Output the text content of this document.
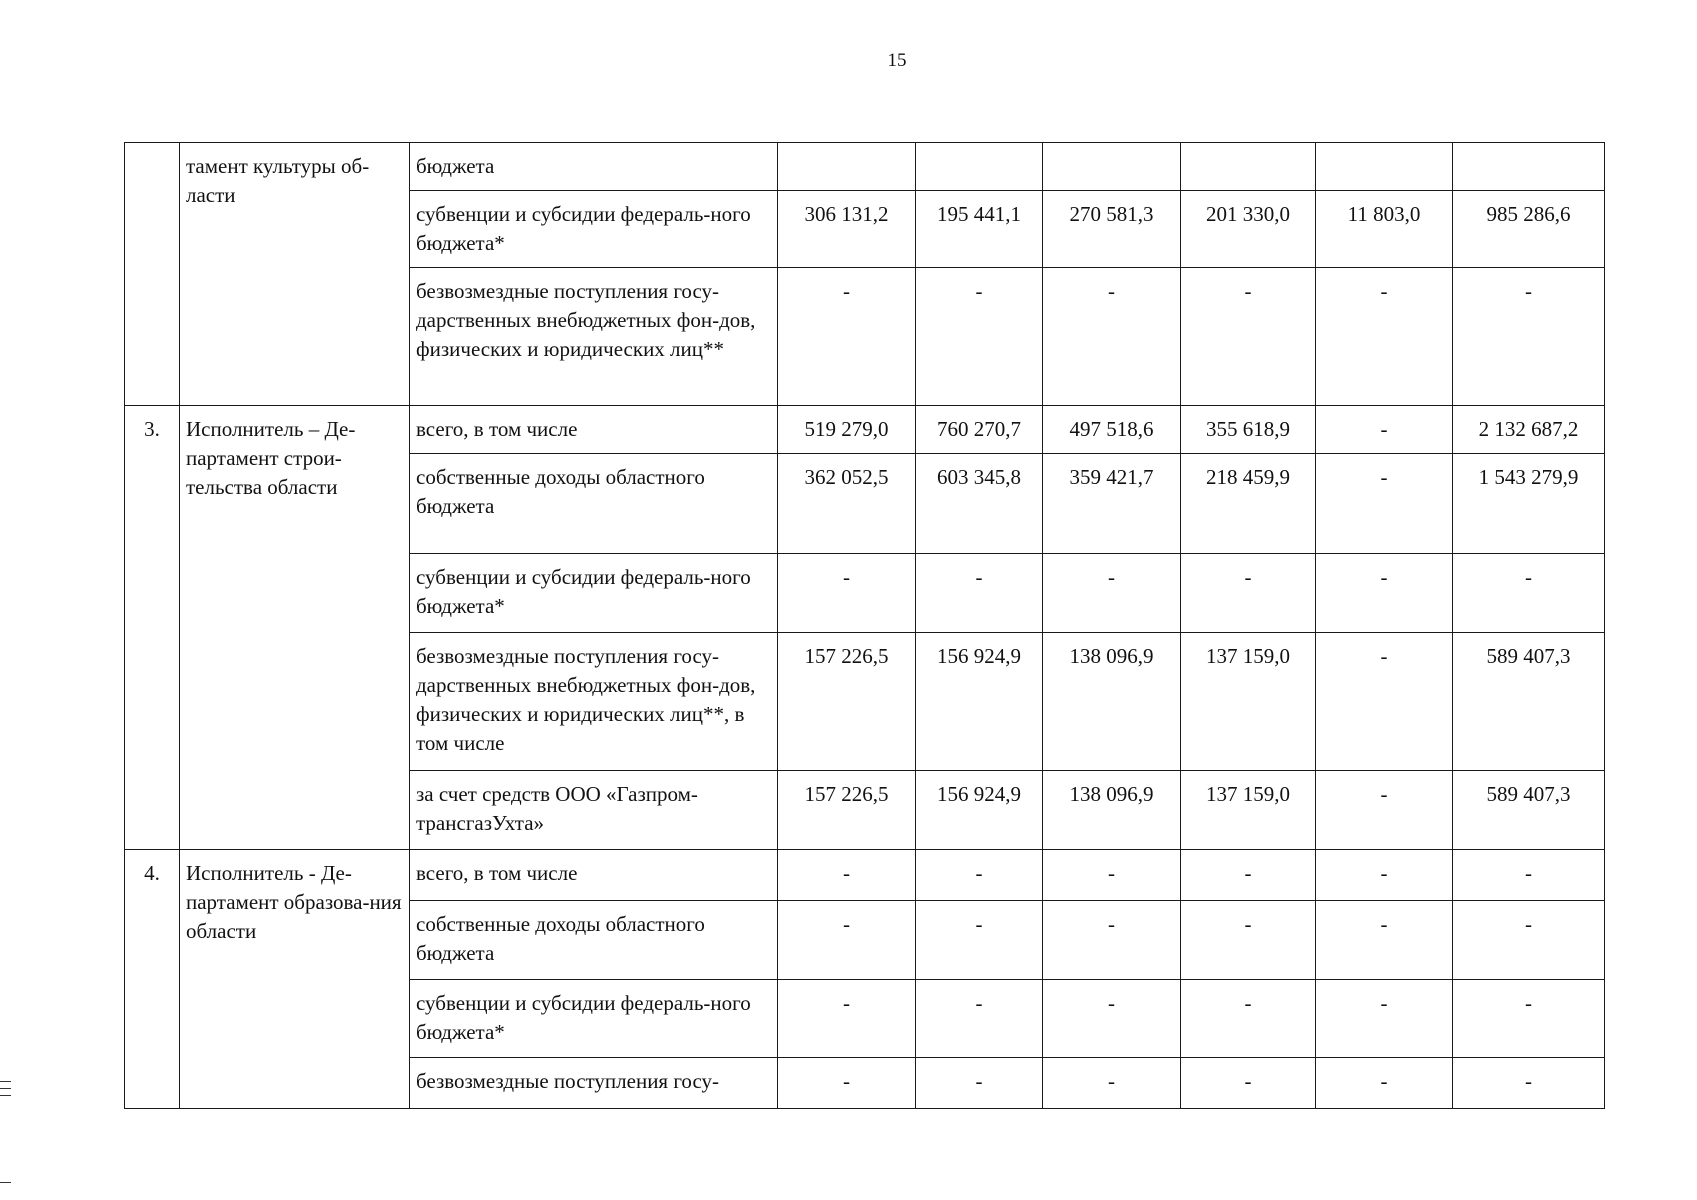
15
	тамент культуры об-ласти	бюджета						
		субвенции и субсидии федераль-ного бюджета*	306 131,2	195 441,1	270 581,3	201 330,0	11 803,0	985 286,6
		безвозмездные поступления госу-дарственных внебюджетных фон-дов, физических и юридических лиц**	-	-	-	-	-	-
3.	Исполнитель – Де-партамент строи-тельства области	всего, в том числе	519 279,0	760 270,7	497 518,6	355 618,9	-	2 132 687,2
		собственные доходы областного бюджета	362 052,5	603 345,8	359 421,7	218 459,9	-	1 543 279,9
		субвенции и субсидии федераль-ного бюджета*	-	-	-	-	-	-
		безвозмездные поступления госу-дарственных внебюджетных фон-дов, физических и юридических лиц**, в том числе	157 226,5	156 924,9	138 096,9	137 159,0	-	589 407,3
		за счет средств ООО «Газпром-трансгазУхта»	157 226,5	156 924,9	138 096,9	137 159,0	-	589 407,3
4.	Исполнитель - Де-партамент образова-ния области	всего, в том числе	-	-	-	-	-	-
		собственные доходы областного бюджета	-	-	-	-	-	-
		субвенции и субсидии федераль-ного бюджета*	-	-	-	-	-	-
		безвозмездные поступления госу-	-	-	-	-	-	-
